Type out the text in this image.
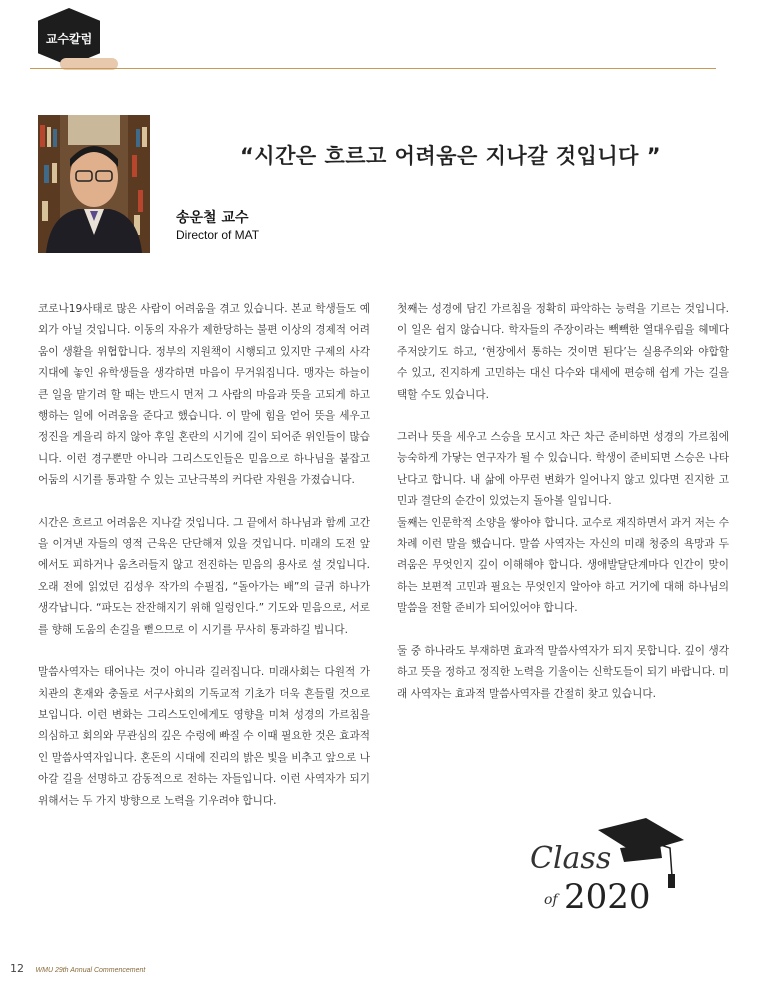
교수칼럼
“시간은 흐르고 어려움은 지나갈 것입니다 ”
송운철 교수
Director of MAT

코로나19사태로 많은 사람이 어려움을 겪고 있습니다. 본교 학생들도 예외가 아닐 것입니다. 이동의 자유가 제한당하는 불편 이상의 경제적 어려움이 생활을 위협합니다. 정부의 지원책이 시행되고 있지만 구제의 사각지대에 놓인 유학생들을 생각하면 마음이 무거워집니다. 맹자는 하늘이 큰 일을 맡기려 할 때는 반드시 먼저 그 사람의 마음과 뜻을 고되게 하고 행하는 일에 어려움을 준다고 했습니다. 이 말에 힘을 얻어 뜻을 세우고 정진을 게을리 하지 않아 후일 혼란의 시기에 길이 되어준 위인들이 많습니다. 이런 경구뿐만 아니라 그리스도인들은 믿음으로 하나님을 붙잡고 어둠의 시기를 통과할 수 있는 고난극복의 커다란 자원을 가졌습니다.

시간은 흐르고 어려움은 지나갈 것입니다. 그 끝에서 하나님과 함께 고간을 이겨낸 자들의 영적 근육은 단단해져 있을 것입니다. 미래의 도전 앞에서도 피하거나 움츠러들지 않고 전진하는 믿음의 용사로 설 것입니다. 오래 전에 읽었던 김성우 작가의 수필집, “돌아가는 배”의 글귀 하나가 생각납니다. “파도는 잔잔해지기 위해 일렁인다.” 기도와 믿음으로, 서로를 향해 도움의 손길을 뻗으므로 이 시기를 무사히 통과하길 빕니다.

말씀사역자는 태어나는 것이 아니라 길러집니다. 미래사회는 다원적 가치관의 혼재와 충돌로 서구사회의 기독교적 기초가 더욱 흔들릴 것으로 보입니다. 이런 변화는 그리스도인에게도 영향을 미쳐 성경의 가르침을 의심하고 회의와 무관심의 깊은 수렁에 빠질 수 이때 필요한 것은 효과적인 말씀사역자입니다. 혼돈의 시대에 진리의 밝은 빛을 비추고 앞으로 나아갈 길을 선명하고 감동적으로 전하는 자들입니다. 이런 사역자가 되기 위해서는 두 가지 방향으로 노력을 기우려야 합니다.

첫째는 성경에 담긴 가르침을 정확히 파악하는 능력을 기르는 것입니다. 이 일은 쉽지 않습니다. 학자들의 주장이라는 빽빽한 열대우림을 헤메다 주저앉기도 하고, ‘현장에서 통하는 것이면 된다’는 실용주의와 야합할 수 있고, 진지하게 고민하는 대신 다수와 대세에 편승해 쉽게 가는 길을 택할 수도 있습니다.

그러나 뜻을 세우고 스승을 모시고 차근 차근 준비하면 성경의 가르침에 능숙하게 가닿는 연구자가 될 수 있습니다. 학생이 준비되면 스승은 나타난다고 합니다. 내 삶에 아무런 변화가 일어나지 않고 있다면 진지한 고민과 결단의 순간이 있었는지 돌아볼 일입니다.

둘째는 인문학적 소양을 쌓아야 합니다. 교수로 재직하면서 과거 저는 수 차례 이런 말을 했습니다. 말씀 사역자는 자신의 미래 청중의 욕망과 두려움은 무엇인지 깊이 이해해야 합니다. 생애발달단계마다 인간이 맞이하는 보편적 고민과 필요는 무엇인지 알아야 하고 거기에 대해 하나님의 말씀을 전할 준비가 되어있어야 합니다.

둘 중 하나라도 부재하면 효과적 말씀사역자가 되지 못합니다. 깊이 생각하고 뜻을 정하고 정직한 노력을 기울이는 신학도들이 되기 바랍니다. 미래 사역자는 효과적 말씀사역자를 간절히 찾고 있습니다.

Class
of 2020
12 WMU 29th Annual Commencement
